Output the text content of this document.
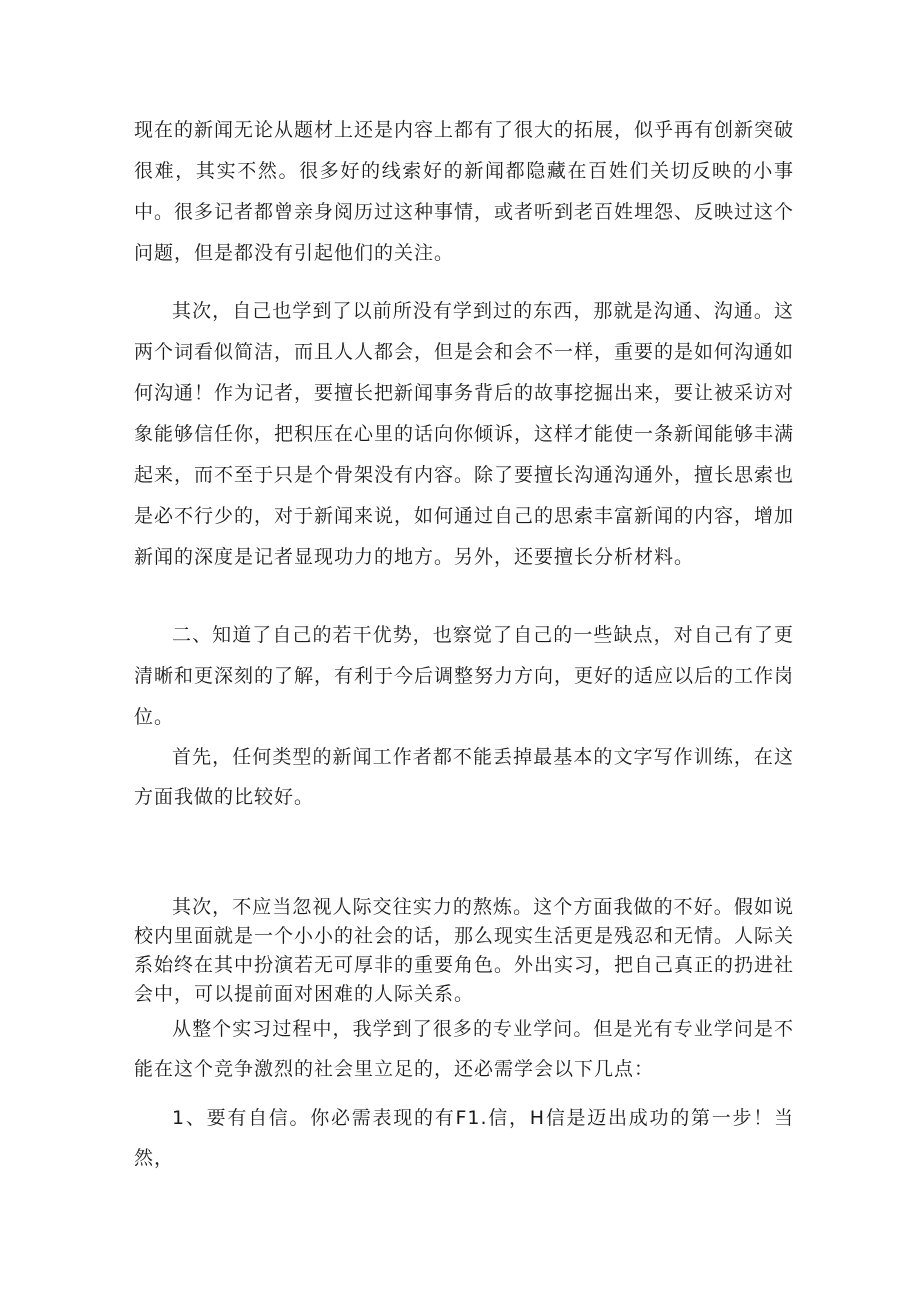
现在的新闻无论从题材上还是内容上都有了很大的拓展，似乎再有创新突破很难，其实不然。很多好的线索好的新闻都隐藏在百姓们关切反映的小事中。很多记者都曾亲身阅历过这种事情，或者听到老百姓埋怨、反映过这个问题，但是都没有引起他们的关注。

其次，自己也学到了以前所没有学到过的东西，那就是沟通、沟通。这两个词看似简洁，而且人人都会，但是会和会不一样，重要的是如何沟通如何沟通！作为记者，要擅长把新闻事务背后的故事挖掘出来，要让被采访对象能够信任你，把积压在心里的话向你倾诉，这样才能使一条新闻能够丰满起来，而不至于只是个骨架没有内容。除了要擅长沟通沟通外，擅长思索也是必不行少的，对于新闻来说，如何通过自己的思索丰富新闻的内容，增加新闻的深度是记者显现功力的地方。另外，还要擅长分析材料。

二、知道了自己的若干优势，也察觉了自己的一些缺点，对自己有了更清晰和更深刻的了解，有利于今后调整努力方向，更好的适应以后的工作岗位。

首先，任何类型的新闻工作者都不能丢掉最基本的文字写作训练，在这方面我做的比较好。

其次，不应当忽视人际交往实力的熬炼。这个方面我做的不好。假如说校内里面就是一个小小的社会的话，那么现实生活更是残忍和无情。人际关系始终在其中扮演若无可厚非的重要角色。外出实习，把自己真正的扔进社会中，可以提前面对困难的人际关系。

从整个实习过程中，我学到了很多的专业学问。但是光有专业学问是不能在这个竞争激烈的社会里立足的，还必需学会以下几点：

1、要有自信。你必需表现的有F1.信，H信是迈出成功的第一步！当然，
